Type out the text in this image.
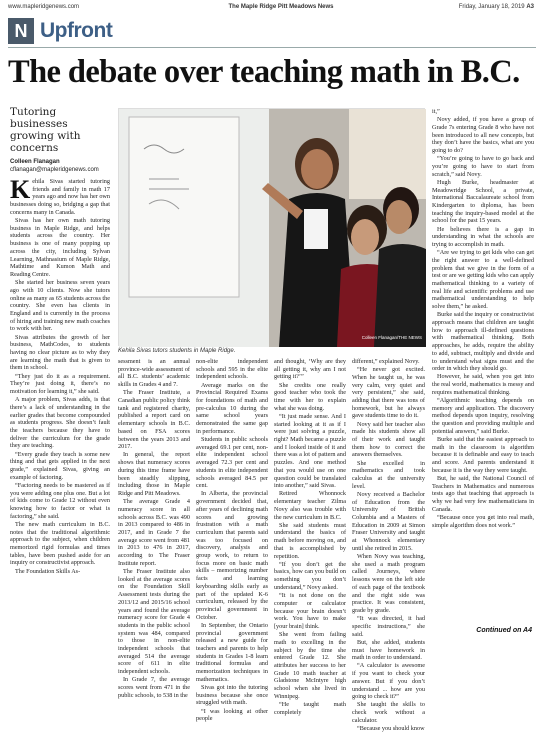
www.mapleridgenews.com	The Maple Ridge Pitt Meadows News	Friday, January 18, 2019 A3
N Upfront
The debate over teaching math in B.C.
Tutoring businesses growing with concerns
Colleen Flanagan
cflanagan@mapleridgenews.com
Colleen Flanagan/THE NEWS
Kehila Sivas tutors students in Maple Ridge.

Kehila Sivas started tutoring friends and family in math 17 years ago and now has her own businesses doing so, bridging a gap that concerns many in Canada.

Sivas has her own math tutoring business in Maple Ridge, and helps students across the country. Her business is one of many popping up across the city, including Sylvan Learning, Mathnasium of Maple Ridge, Mathtime and Kumon Math and Reading Centre.

She started her business seven years ago with 10 clients. Now she tutors online as many as 65 students across the country. She even has clients in England and is currently in the process of hiring and training new math coaches to work with her.

Sivas attributes the growth of her business, MathCodes, to students having no clear picture as to why they are learning the math that is given to them in school.

“They just do it as a requirement. They’re just doing it, there’s no motivation for learning it,” she said.

A major problem, Sivas adds, is that there’s a lack of understanding in the earlier grades that become compounded as students progress. She doesn’t fault the teachers because they have to deliver the curriculum for the grade they are teaching.

“Every grade they teach is some new thing and that gets applied in the next grade,” explained Sivas, giving an example of factoring.

“Factoring needs to be mastered as if you were adding one plus one. But a lot of kids come to Grade 12 without even knowing how to factor or what is factoring,” she said.

The new math curriculum in B.C. notes that the traditional algorithmic approach to the subject, when children memorized rigid formulas and times tables, have been pushed aside for an inquiry or constructivist approach.

The Foundation Skills As-

sessment is an annual province-wide assessment of all B.C. students’ academic skills in Grades 4 and 7.

The Fraser Institute, a Canadian public policy think tank and registered charity, published a report card on elementary schools in B.C. based on FSA scores between the years 2013 and 2017.

In general, the report shows that numeracy scores during this time frame have been steadily slipping, including those in Maple Ridge and Pitt Meadows.

The average Grade 4 numeracy score in all schools across B.C. was 490 in 2013 compared to 486 in 2017, and in Grade 7 the average score went from 481 in 2013 to 476 in 2017, according to The Fraser Institute report.

The Fraser Institute also looked at the average scores on the Foundation Skill Assessment tests during the 2013/12 and 2015/16 school years and found the average numeracy score for Grade 4 students in the public school system was 484, compared to those in non-elite independent schools that averaged 514 the average score of 611 in elite independent schools.

In Grade 7, the average scores went from 471 in the public schools, to 538 in the

non-elite independent schools and 595 in the elite independent schools.

Average marks on the Provincial Required Exams for foundations of math and pre-calculus 10 during the same school years demonstrated the same gap in performance.

Students in public schools averaged 69.1 per cent, non-elite independent school averaged 72.3 per cent and students in elite independent schools averaged 84.5 per cent.

In Alberta, the provincial government decided that, after years of declining math scores and growing frustration with a math curriculum that parents said was too focused on discovery, analysis and group work, to return to focus more on basic math skills – memorizing number facts and learning keyboarding skills early as part of the updated K-6 curriculum, released by the provincial government in October.

In September, the Ontario provincial government released a new guide for teachers and parents to help students in Grades 1-8 learn traditional formulas and memorization techniques in mathematics.

Sivas got into the tutoring business because she once struggled with math.

“I was looking at other people

and thought, ‘Why are they all getting it, why am I not getting it?’”

She credits one really good teacher who took the time with her to explain what she was doing.

“It just made sense. And I started looking at it as if I were just solving a puzzle, right? Math became a puzzle and I looked inside of it and there was a lot of pattern and puzzles. And one method that you would use on one question could be translated into another,” said Sivas.

Retired Whonnock elementary teacher Zilma Novy also was trouble with the new curriculum in B.C.

She said students must understand the basics of math before moving on, and that is accomplished by repetition.

“If you don’t get the basics, how can you build on something you don’t understand,” Novy asked.

“It is not done on the computer or calculator because your brain doesn’t work. You have to make [your brain] think.

She went from failing math to excelling in the subject by the time she entered Grade 12. She attributes her success to her Grade 10 math teacher at Gladstone McIntyre high school when she lived in Winnipeg.

“He taught math completely

different,” explained Novy.

“He never got excited. When he taught us, he was very calm, very quiet and very persistent,” she said, adding that there was tons of homework, but he always gave students time to do it.

Novy said her teacher also made his students show all of their work and taught them how to correct the answers themselves.

She excelled in mathematics and took calculus at the university level.

Novy received a Bachelor of Education from the University of British Columbia and a Masters of Education in 2009 at Simon Fraser University and taught at Whonnock elementary until she retired in 2015.

When Novy was teaching, she used a math program called Journeys, where lessons were on the left side of each page of the textbook and the right side was practice. It was consistent, grade by grade.

“It was directed, it had specific instructions,” she said.

But, she added, students must have homework in math in order to understand.

“A calculator is awesome if you want to check your answer. But if you don’t understand ... how are you going to check it?”

She taught the skills to check work without a calculator.

“Because you should know

it,”

Novy added, if you have a group of Grade 7s entering Grade 8 who have not been introduced to all new concepts, but they don’t have the basics, what are you going to do?

“You’re going to have to go back and you’re going to have to start from scratch,” said Novy.

Hugh Burke, headmaster at Meadowridge School, a private, International Baccalaureate school from Kindergarten to diploma, has been teaching the inquiry-based model at the school for the past 15 years.

He believes there is a gap in understanding in what the schools are trying to accomplish in math.

“Are we trying to get kids who can get the right answer to a well-defined problem that we give in the form of a test or are we getting kids who can apply mathematical thinking to a variety of real life and scientific problems and use mathematical understanding to help solve them,” he asked.

Burke said the inquiry or constructivist approach means that children are taught how to approach ill-defined questions with mathematical thinking. Both approaches, he adds, require the ability to add, subtract, multiply and divide and to understand what signs must and the order in which they should go.

However, he said, when you get into the real world, mathematics is messy and requires mathematical thinking.

“Algorithmic teaching depends on memory and application. The discovery method depends upon inquiry, resolving the question and providing multiple and potential answers,” said Burke.

Burke said that the easiest approach to math in the classroom is algorithm because it is definable and easy to teach and score. And parents understand it because it is the way they were taught.

But, he said, the National Council of Teachers in Mathematics and numerous tests ago that teaching that approach is why we had very few mathematicians in Canada.

“Because once you get into real math, simple algorithm does not work.”

Continued on A4
